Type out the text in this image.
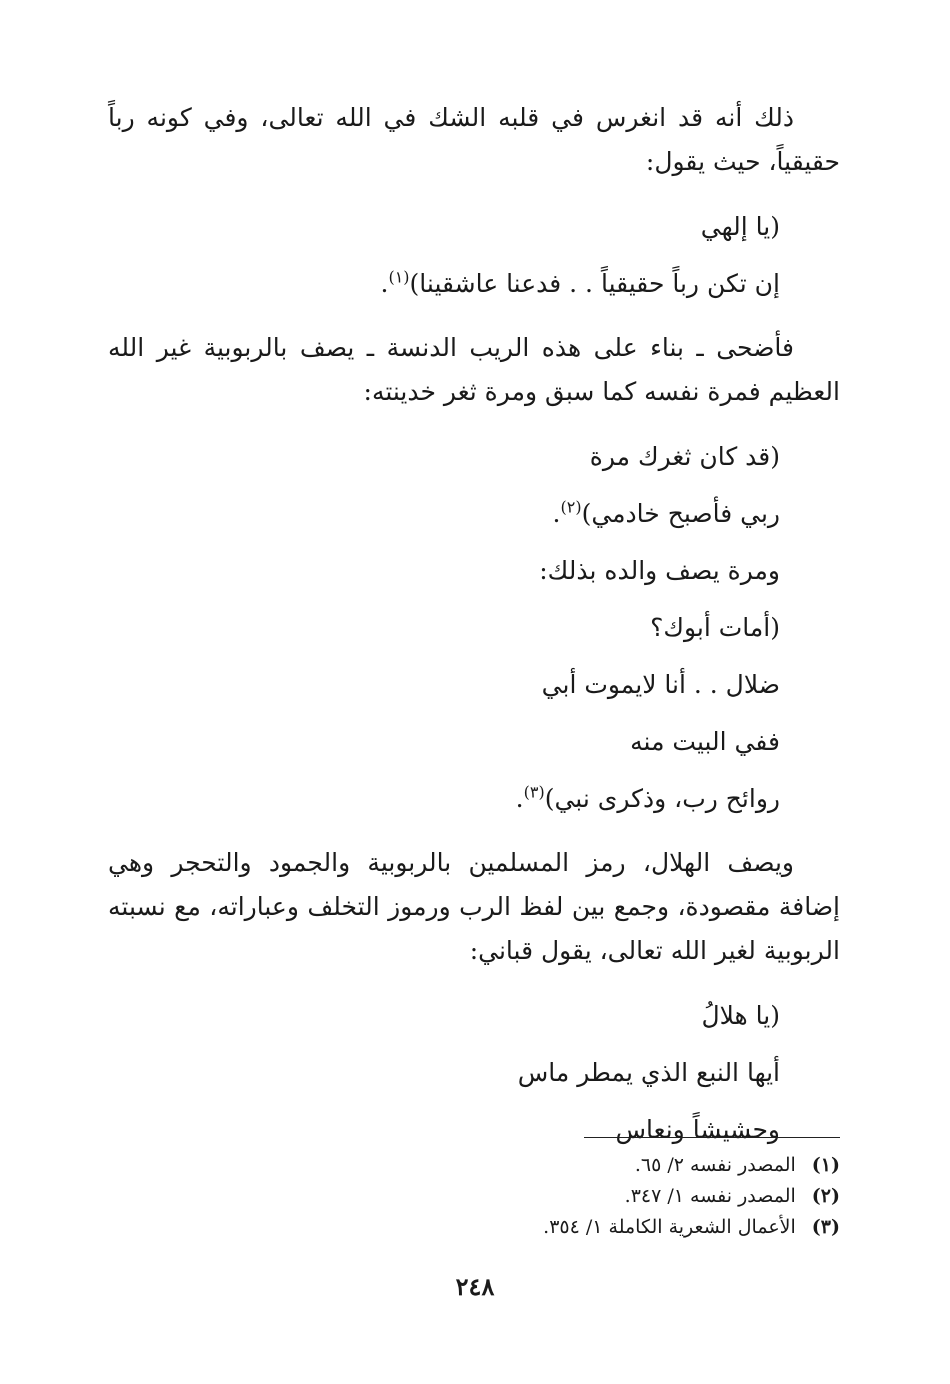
ذلك أنه قد انغرس في قلبه الشك في الله تعالى، وفي كونه رباً حقيقياً، حيث يقول:

(يا إلهي

إن تكن رباً حقيقياً . . فدعنا عاشقينا)$^{(١)}$.

فأضحى ـ بناء على هذه الريب الدنسة ـ يصف بالربوبية غير الله العظيم فمرة نفسه كما سبق ومرة ثغر خدينته:

(قد كان ثغرك مرة

ربي فأصبح خادمي)$^{(٢)}$.

ومرة يصف والده بذلك:

(أمات أبوك؟

ضلال . . أنا لايموت أبي

ففي البيت منه

روائح رب، وذكرى نبي)$^{(٣)}$.

ويصف الهلال، رمز المسلمين بالربوبية والجمود والتحجر وهي إضافة مقصودة، وجمع بين لفظ الرب ورموز التخلف وعباراته، مع نسبته الربوبية لغير الله تعالى، يقول قباني:

(يا هلالُ

أيها النبع الذي يمطر ماس

وحشيشاً ونعاس

(١)المصدر نفسه ٢/ ٦٥.
(٢)المصدر نفسه ١/ ٣٤٧.
(٣)الأعمال الشعرية الكاملة ١/ ٣٥٤.
٢٤٨
